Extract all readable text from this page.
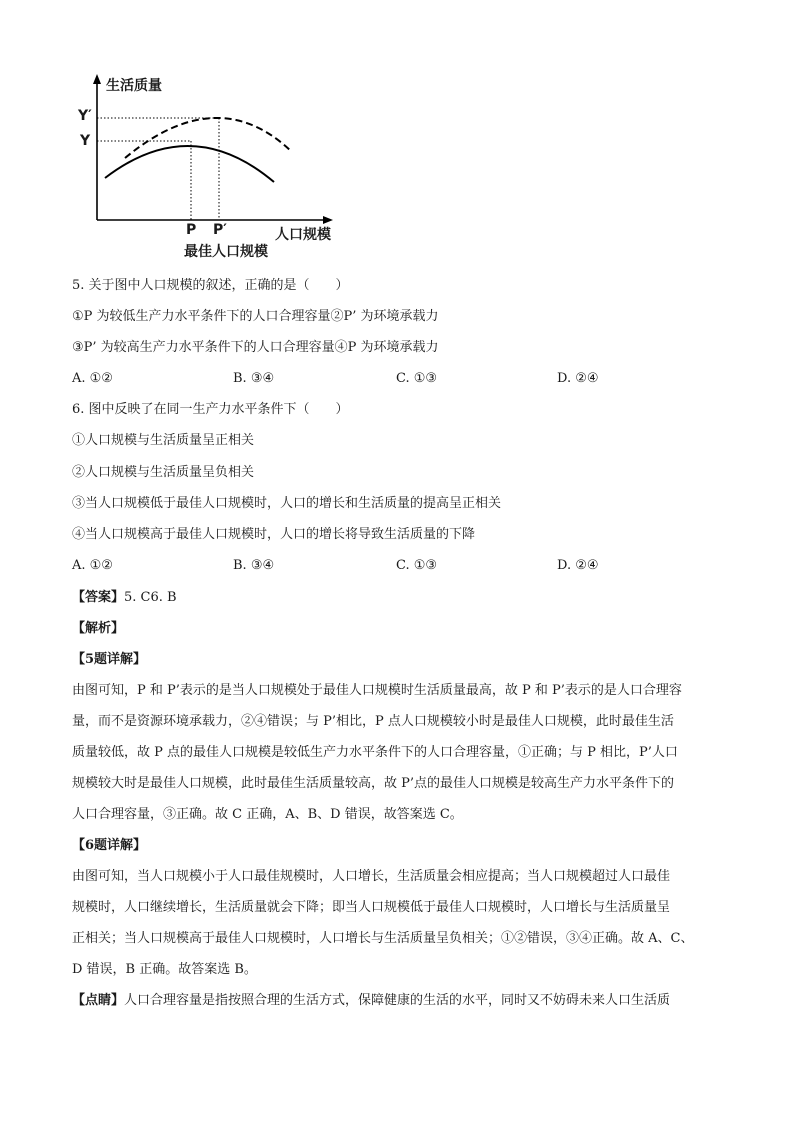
生活质量
Y′
Y
P P′	人口规模
最佳人口规模
5. 关于图中人口规模的叙述，正确的是（　　）
①P 为较低生产力水平条件下的人口合理容量②P’ 为环境承载力
③P’ 为较高生产力水平条件下的人口合理容量④P 为环境承载力
A. ①②	B. ③④	C. ①③	D. ②④
6. 图中反映了在同一生产力水平条件下（　　）
①人口规模与生活质量呈正相关
②人口规模与生活质量呈负相关
③当人口规模低于最佳人口规模时，人口的增长和生活质量的提高呈正相关
④当人口规模高于最佳人口规模时，人口的增长将导致生活质量的下降
A. ①②	B. ③④	C. ①③	D. ②④
【答案】5. C6. B
【解析】
【5题详解】
由图可知，P 和 P’表示的是当人口规模处于最佳人口规模时生活质量最高，故 P 和 P’表示的是人口合理容
量，而不是资源环境承载力，②④错误；与 P’相比，P 点人口规模较小时是最佳人口规模，此时最佳生活
质量较低，故 P 点的最佳人口规模是较低生产力水平条件下的人口合理容量，①正确；与 P 相比，P’人口
规模较大时是最佳人口规模，此时最佳生活质量较高，故 P’点的最佳人口规模是较高生产力水平条件下的
人口合理容量，③正确。故 C 正确，A、B、D 错误，故答案选 C。
【6题详解】
由图可知，当人口规模小于人口最佳规模时，人口增长，生活质量会相应提高；当人口规模超过人口最佳
规模时，人口继续增长，生活质量就会下降；即当人口规模低于最佳人口规模时，人口增长与生活质量呈
正相关；当人口规模高于最佳人口规模时，人口增长与生活质量呈负相关；①②错误，③④正确。故 A、C、
D 错误，B 正确。故答案选 B。
【点睛】人口合理容量是指按照合理的生活方式，保障健康的生活的水平，同时又不妨碍未来人口生活质
